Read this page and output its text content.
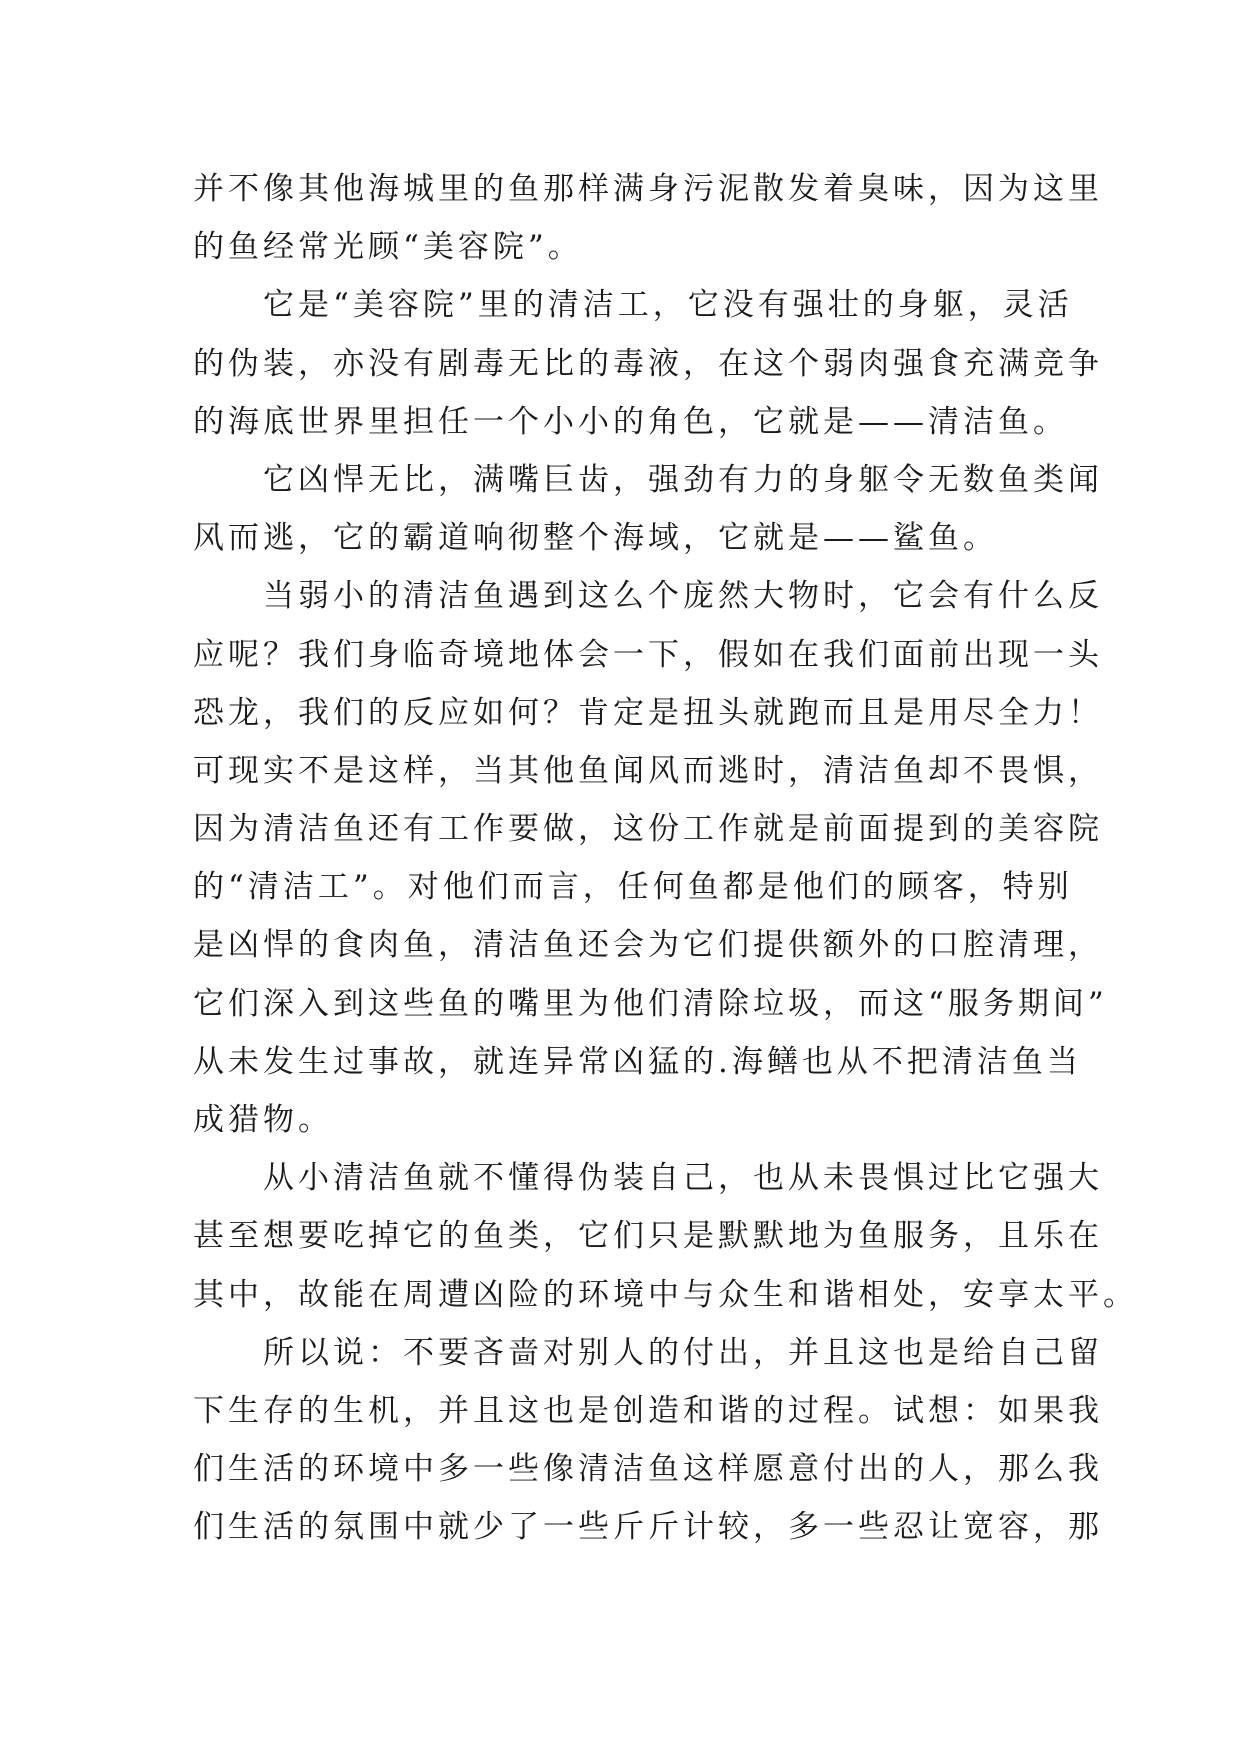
并不像其他海城里的鱼那样满身污泥散发着臭味，因为这里
的鱼经常光顾“美容院”。
它是“美容院”里的清洁工，它没有强壮的身躯，灵活
的伪装，亦没有剧毒无比的毒液，在这个弱肉强食充满竞争
的海底世界里担任一个小小的角色，它就是——清洁鱼。
它凶悍无比，满嘴巨齿，强劲有力的身躯令无数鱼类闻
风而逃，它的霸道响彻整个海域，它就是——鲨鱼。
当弱小的清洁鱼遇到这么个庞然大物时，它会有什么反
应呢？我们身临奇境地体会一下，假如在我们面前出现一头
恐龙，我们的反应如何？肯定是扭头就跑而且是用尽全力！
可现实不是这样，当其他鱼闻风而逃时，清洁鱼却不畏惧，
因为清洁鱼还有工作要做，这份工作就是前面提到的美容院
的“清洁工”。对他们而言，任何鱼都是他们的顾客，特别
是凶悍的食肉鱼，清洁鱼还会为它们提供额外的口腔清理，
它们深入到这些鱼的嘴里为他们清除垃圾，而这“服务期间”
从未发生过事故，就连异常凶猛的.海鳝也从不把清洁鱼当
成猎物。
从小清洁鱼就不懂得伪装自己，也从未畏惧过比它强大
甚至想要吃掉它的鱼类，它们只是默默地为鱼服务，且乐在
其中，故能在周遭凶险的环境中与众生和谐相处，安享太平。
所以说：不要吝啬对别人的付出，并且这也是给自己留
下生存的生机，并且这也是创造和谐的过程。试想：如果我
们生活的环境中多一些像清洁鱼这样愿意付出的人，那么我
们生活的氛围中就少了一些斤斤计较，多一些忍让宽容，那
